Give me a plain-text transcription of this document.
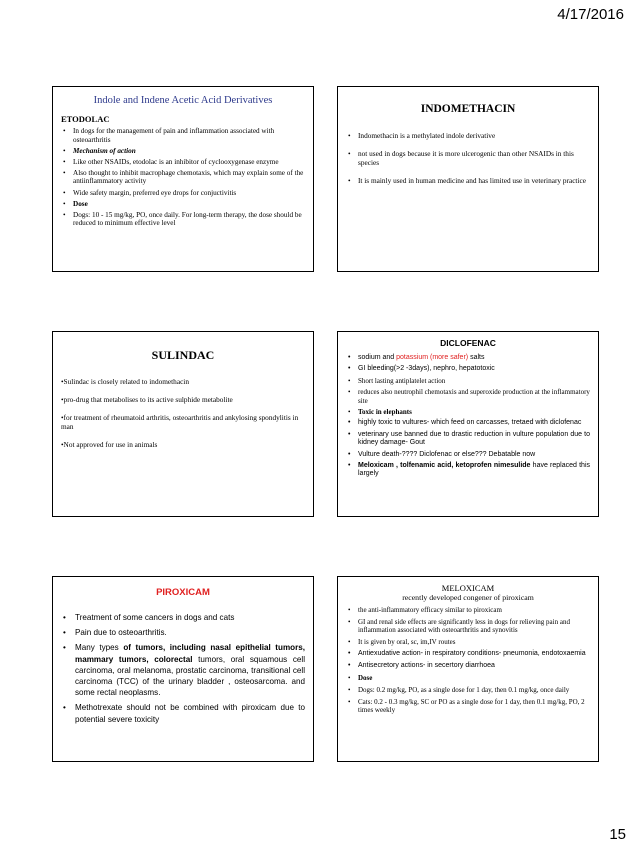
4/17/2016
Indole and Indene Acetic Acid Derivatives
ETODOLAC
• In dogs for the management of pain and inflammation associated with osteoarthritis
• Mechanism of action
• Like other NSAIDs, etodolac is an inhibitor of cyclooxygenase enzyme
• Also thought to inhibit macrophage chemotaxis, which may explain some of the antiinflammatory activity
• Wide safety margin, preferred eye drops for conjuctivitis
• Dose
• Dogs: 10 - 15 mg/kg, PO, once daily. For long-term therapy, the dose should be reduced to minimum effective level
INDOMETHACIN
• Indomethacin is a methylated indole derivative
• not used in dogs because it is more ulcerogenic than other NSAIDs in this species
• It is mainly used in human medicine and has limited use in veterinary practice
SULINDAC

•Sulindac is closely related to indomethacin

•pro-drug that metabolises to its active sulphide metabolite

•for treatment of rheumatoid arthritis, osteoarthritis and ankylosing spondylitis in man

•Not approved for use in animals

DICLOFENAC
• sodium and potassium (more safer) salts
• GI bleeding(>2 -3days), nephro, hepatotoxic
• Short lasting antiplatelet action
• reduces also neutrophil chemotaxis and superoxide production at the inflammatory site
• Toxic in elephants
• highly toxic to vultures- which feed on carcasses, tretaed with diclofenac
• veterinary use banned due to drastic reduction in vulture population due to kidney damage- Gout
• Vulture death-???? Diclofenac or else??? Debatable now
• Meloxicam , tolfenamic acid, ketoprofen nimesulide have replaced this largely
PIROXICAM
• Treatment of some cancers in dogs and cats
• Pain due to osteoarthritis.
• Many types of tumors, including nasal epithelial tumors, mammary tumors, colorectal tumors, oral squamous cell carcinoma, oral melanoma, prostatic carcinoma, transitional cell carcinoma (TCC) of the urinary bladder , osteosarcoma. and some rectal neoplasms.
• Methotrexate should not be combined with piroxicam due to potential severe toxicity
MELOXICAM
recently developed congener of piroxicam
• the anti-inflammatory efficacy similar to piroxicam
• GI and renal side effects are significantly less in dogs for relieving pain and inflammation associated with osteoarthritis and synovitis
• It is given by oral, sc, im,IV routes
• Antiexudative action- in respiratory conditions- pneumonia, endotoxaemia
• Antisecretory actions- in secertory diarrhoea
• Dose
• Dogs: 0.2 mg/kg, PO, as a single dose for 1 day, then 0.1 mg/kg, once daily
• Cats: 0.2 - 0.3 mg/kg, SC or PO as a single dose for 1 day, then 0.1 mg/kg, PO, 2 times weekly
15
